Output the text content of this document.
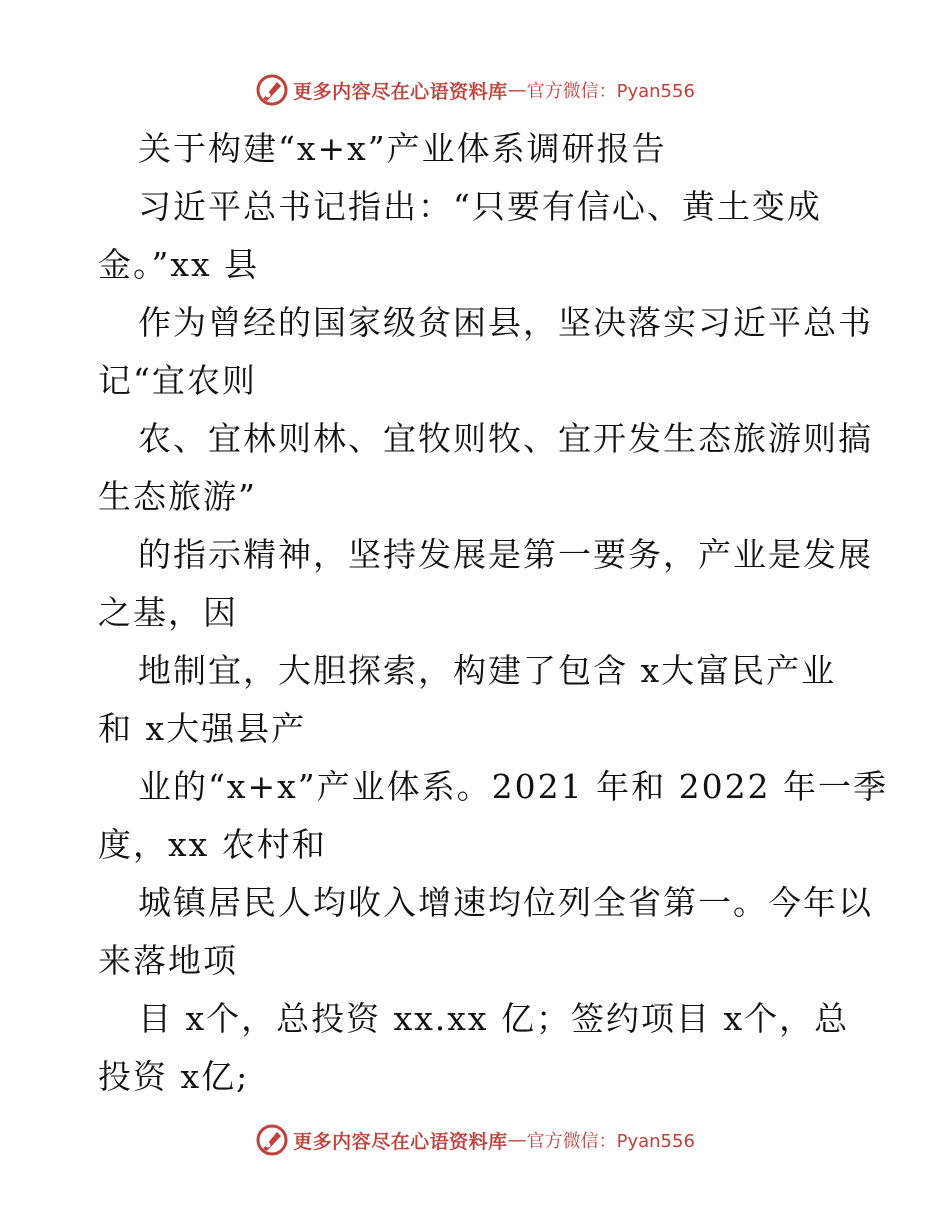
更多内容尽在心语资料库 — 官方微信：Pyan556
关于构建“x+x”产业体系调研报告
习近平总书记指出：“只要有信心、黄土变成
金。”xx 县
作为曾经的国家级贫困县，坚决落实习近平总书
记“宜农则
农、宜林则林、宜牧则牧、宜开发生态旅游则搞
生态旅游”
的指示精神，坚持发展是第一要务，产业是发展
之基，因
地制宜，大胆探索，构建了包含 x大富民产业
和 x大强县产
业的“x+x”产业体系。2021 年和 2022 年一季
度，xx 农村和
城镇居民人均收入增速均位列全省第一。今年以
来落地项
目 x个，总投资 xx.xx 亿；签约项目 x个，总
投资 x亿;
更多内容尽在心语资料库 — 官方微信：Pyan556
